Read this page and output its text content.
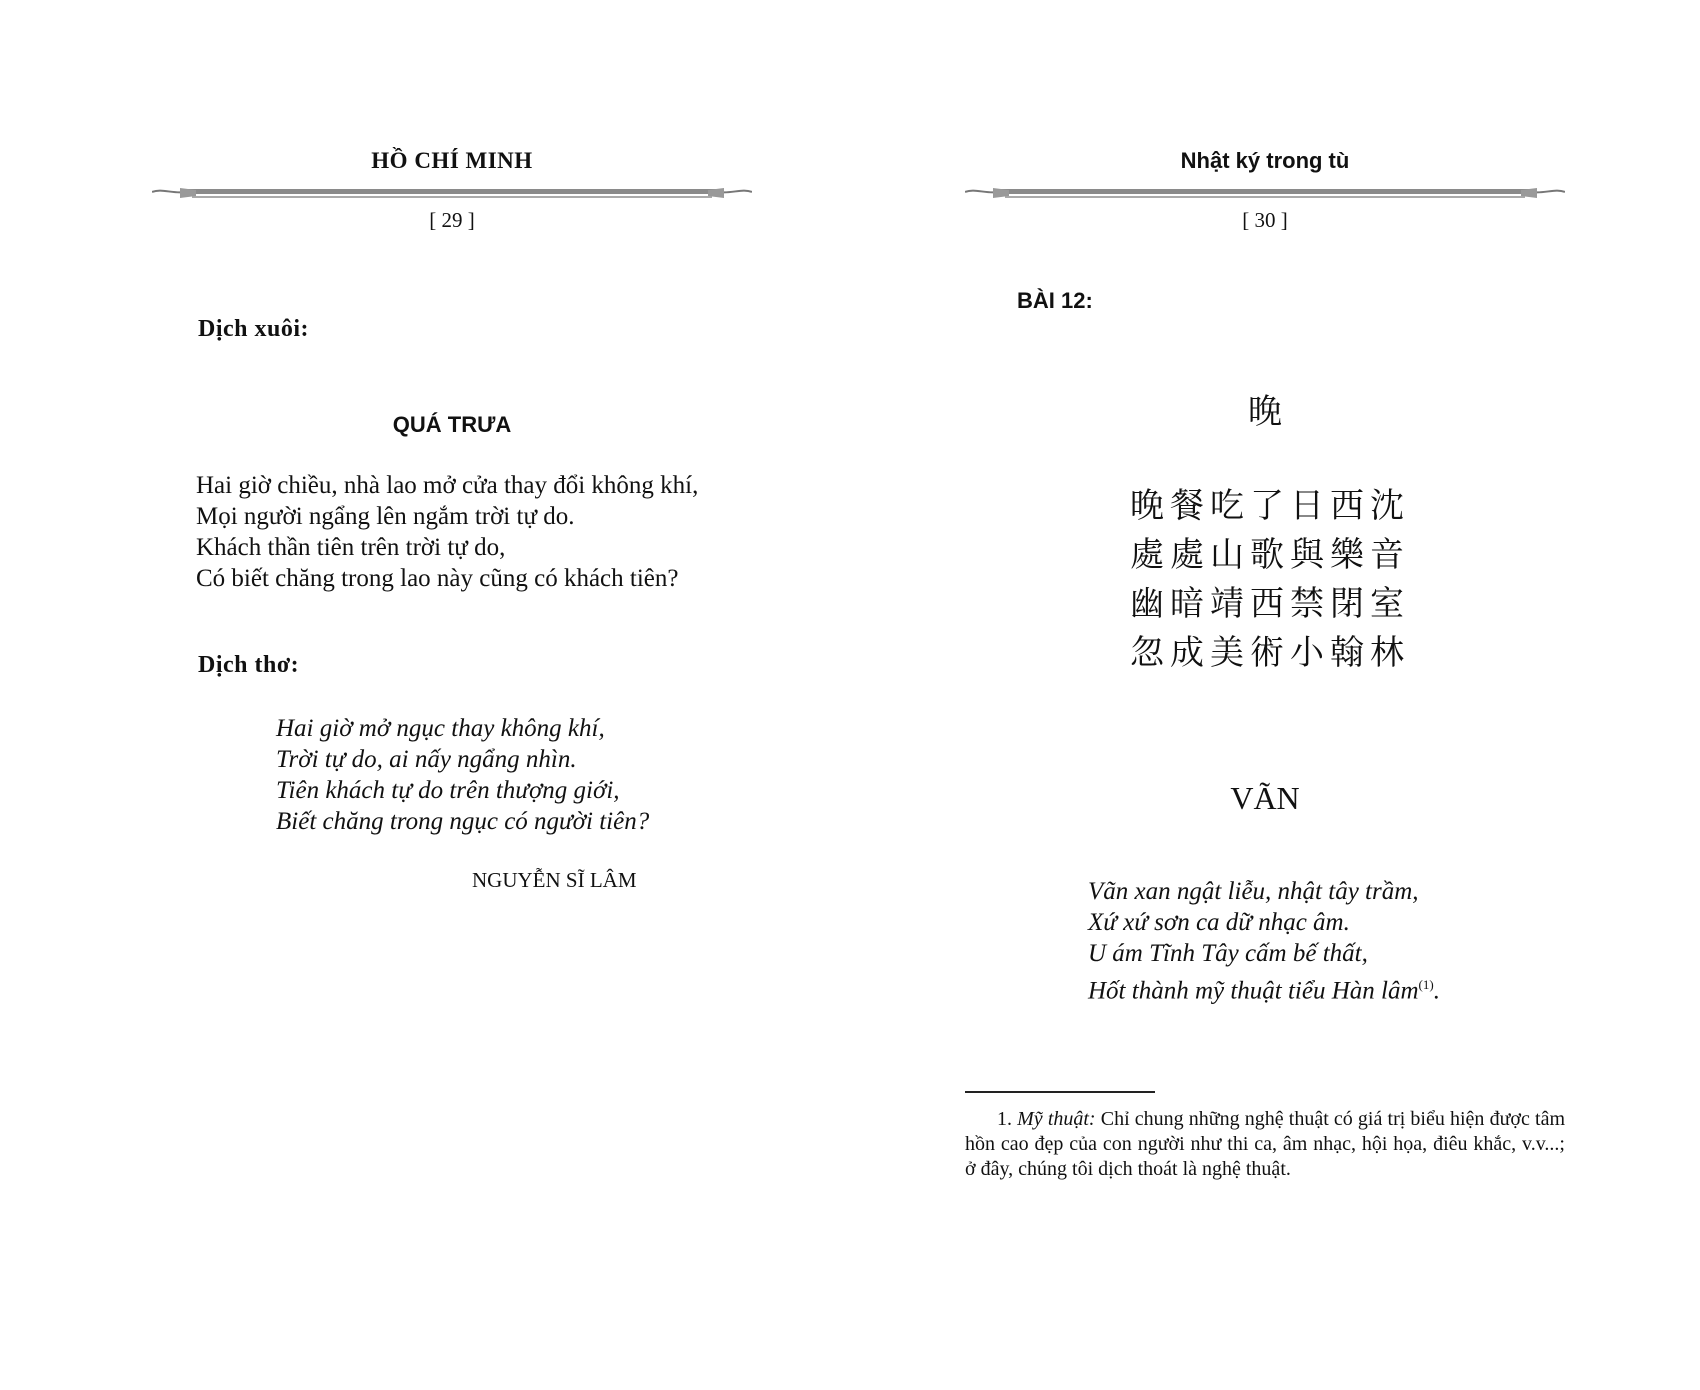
HỒ CHÍ MINH
[ 29 ]
Dịch xuôi:
QUÁ TRƯA
Hai giờ chiều, nhà lao mở cửa thay đổi không khí,
Mọi người ngẩng lên ngắm trời tự do.
Khách thần tiên trên trời tự do,
Có biết chăng trong lao này cũng có khách tiên?
Dịch thơ:
Hai giờ mở ngục thay không khí,
Trời tự do, ai nấy ngẩng nhìn.
Tiên khách tự do trên thượng giới,
Biết chăng trong ngục có người tiên?
NGUYỄN SĨ LÂM
Nhật ký trong tù
[ 30 ]
BÀI 12:
晚
晚餐吃了日西沈
處處山歌與樂音
幽暗靖西禁閉室
忽成美術小翰林
VÃN
Vãn xan ngật liễu, nhật tây trầm,
Xứ xứ sơn ca dữ nhạc âm.
U ám Tĩnh Tây cấm bế thất,
Hốt thành mỹ thuật tiểu Hàn lâm$^{(1)}$.
1. Mỹ thuật: Chỉ chung những nghệ thuật có giá trị biểu hiện được tâm hồn cao đẹp của con người như thi ca, âm nhạc, hội họa, điêu khắc, v.v...; ở đây, chúng tôi dịch thoát là nghệ thuật.
